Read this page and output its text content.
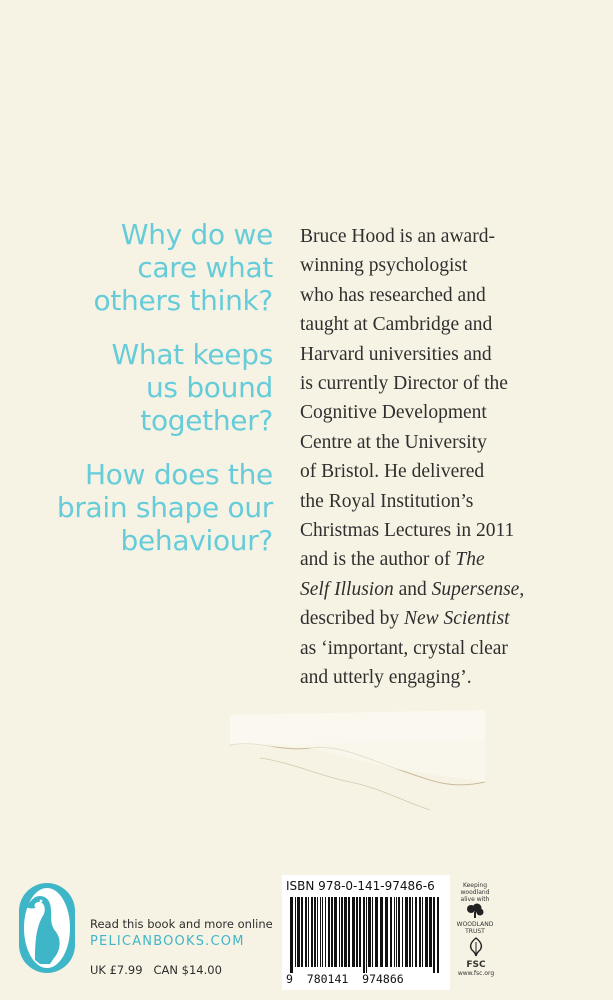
Why do we
care what
others think?

What keeps
us bound
together?

How does the
brain shape our
behaviour?

Bruce Hood is an award-
winning psychologist
who has researched and
taught at Cambridge and
Harvard universities and
is currently Director of the
Cognitive Development
Centre at the University
of Bristol. He delivered
the Royal Institution’s
Christmas Lectures in 2011
and is the author of The
Self Illusion and Supersense,
described by New Scientist
as ‘important, crystal clear
and utterly engaging’.
Read this book and more online
PELICANBOOKS.COM
UK £7.99   CAN $14.00
ISBN 978-0-141-97486-6
9  780141  974866
Keeping
woodland
alive with
WOODLAND
TRUST
FSC
www.fsc.org
